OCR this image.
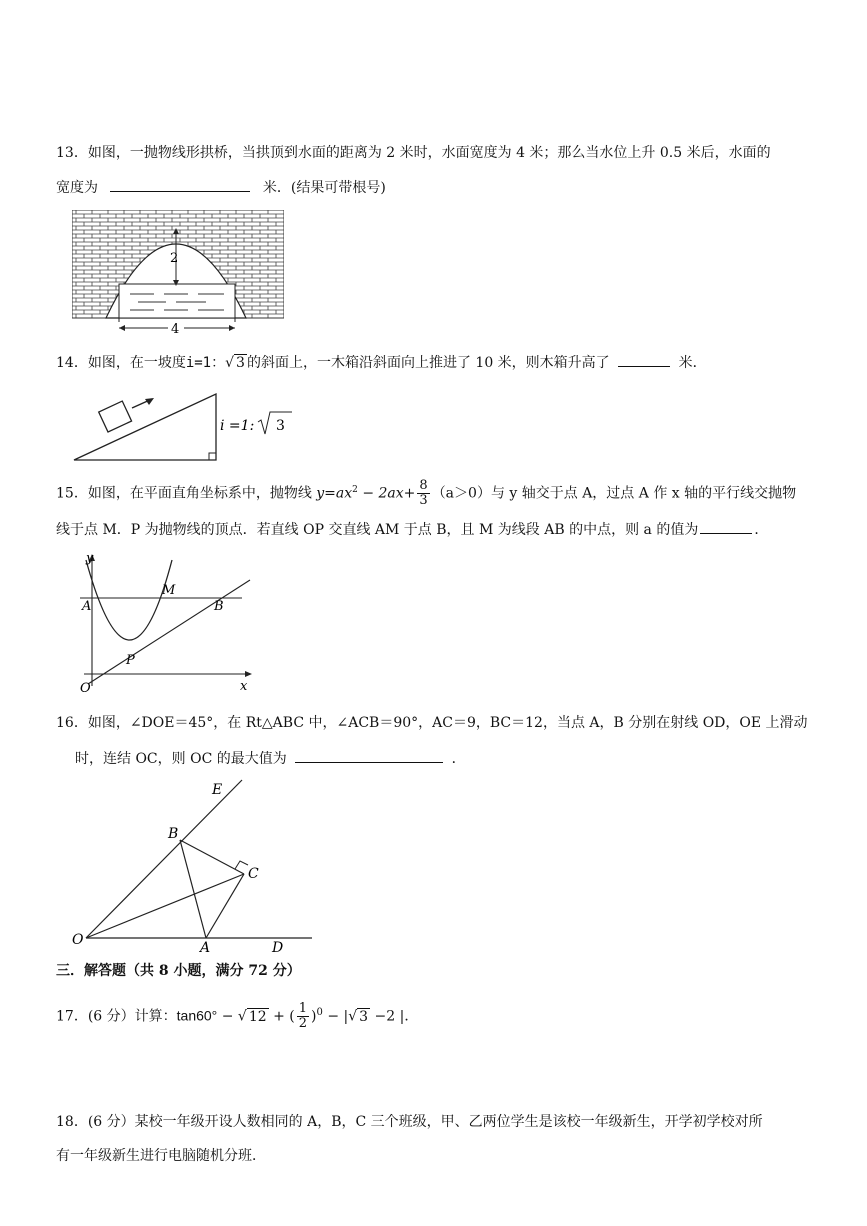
13．如图，一抛物线形拱桥，当拱顶到水面的距离为 2 米时，水面宽度为 4 米；那么当水位上升 0.5 米后，水面的
宽度为	米．(结果可带根号)
2
4
14．如图，在一坡度i=1：√ 3 的斜面上，一木箱沿斜面向上推进了 10 米，则木箱升高了	米．
i =1: 3
15．如图，在平面直角坐标系中，抛物线 $y=ax^2 - 2ax+ \frac{8}{3} (a>0)$与 y 轴交于点 A，过点 A 作 x 轴的平行线交抛物
线于点 M．P 为抛物线的顶点．若直线 OP 交直线 AM 于点 B，且 M 为线段 AB 的中点，则 a 的值为	．
y
x
A
M
B
P
O
16．如图，∠DOE＝45°，在 Rt△ABC 中，∠ACB＝90°，AC＝9，BC＝12，当点 A，B 分别在射线 OD，OE 上滑动
时，连结 OC，则 OC 的最大值为	．
E
B
C
O	A	D
三．解答题（共 8 小题，满分 72 分）
17．(6 分）计算：tan60° − √ 12 + ( $\frac{1}{2} )^0$ − |√ 3 −2 |．
18．(6 分）某校一年级开设人数相同的 A，B，C 三个班级，甲、乙两位学生是该校一年级新生，开学初学校对所
有一年级新生进行电脑随机分班．
